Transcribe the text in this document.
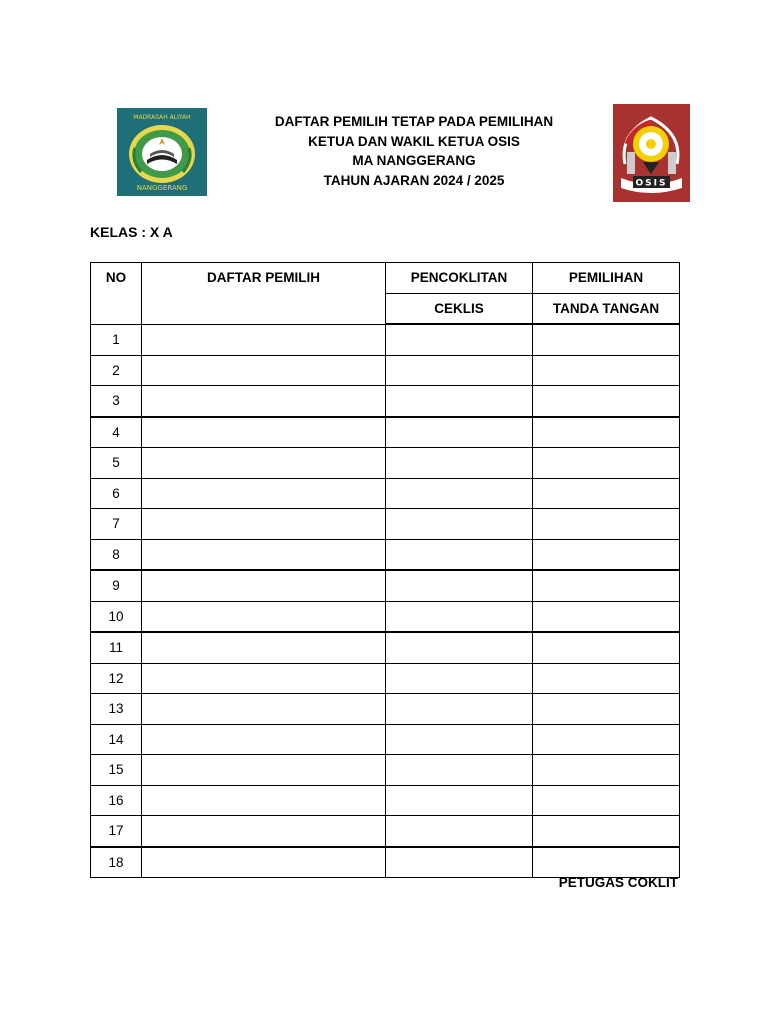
MADRASAH ALIYAH
NANGGERANG
DAFTAR PEMILIH TETAP PADA PEMILIHAN
KETUA DAN WAKIL KETUA OSIS
MA NANGGERANG
TAHUN AJARAN 2024 / 2025	OSIS
KELAS : X A
NO	DAFTAR PEMILIH	PENCOKLITAN	PEMILIHAN
		CEKLIS	TANDA TANGAN
1			
2			
3			
4			
5			
6			
7			
8			
9			
10			
11			
12			
13			
14			
15			
16			
17			
18			
PETUGAS COKLIT
